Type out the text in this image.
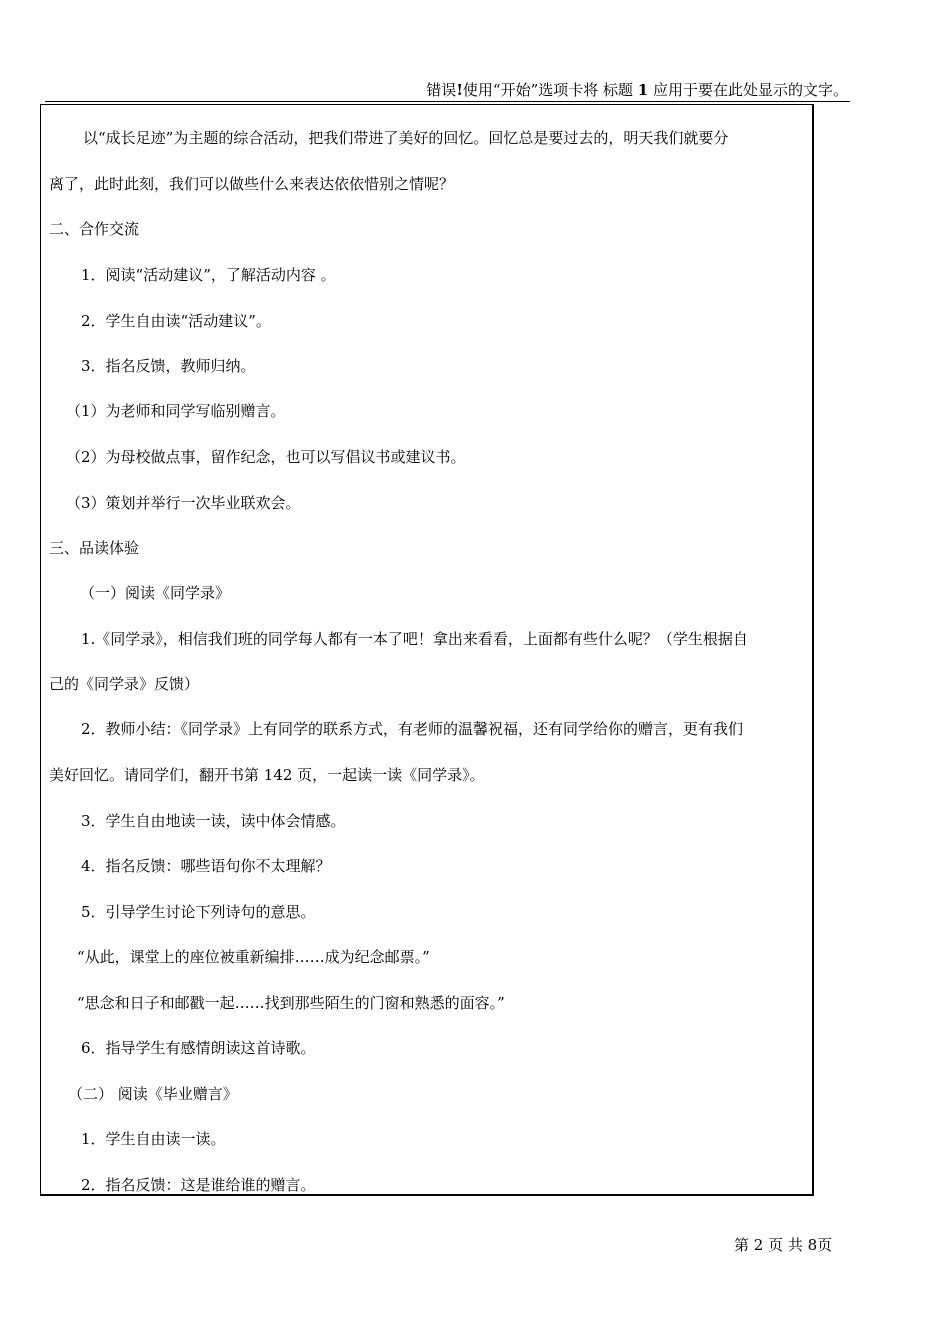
错误!使用“开始”选项卡将 标题 1 应用于要在此处显示的文字。
以“成长足迹”为主题的综合活动，把我们带进了美好的回忆。回忆总是要过去的，明天我们就要分
离了，此时此刻，我们可以做些什么来表达依依惜别之情呢？
二、合作交流
1．阅读“活动建议”，了解活动内容 。
2．学生自由读“活动建议”。
3．指名反馈，教师归纳。
（1）为老师和同学写临别赠言。
（2）为母校做点事，留作纪念，也可以写倡议书或建议书。
（3）策划并举行一次毕业联欢会。
三、品读体验
（一）阅读《同学录》
1.《同学录》，相信我们班的同学每人都有一本了吧！拿出来看看，上面都有些什么呢？（学生根据自
己的《同学录》反馈）
2．教师小结：《同学录》上有同学的联系方式，有老师的温馨祝福，还有同学给你的赠言，更有我们
美好回忆。请同学们，翻开书第 142 页，一起读一读《同学录》。
3．学生自由地读一读，读中体会情感。
4．指名反馈：哪些语句你不太理解？
5．引导学生讨论下列诗句的意思。
“从此，课堂上的座位被重新编排……成为纪念邮票。”
“思念和日子和邮戳一起……找到那些陌生的门窗和熟悉的面容。”
6．指导学生有感情朗读这首诗歌。
（二） 阅读《毕业赠言》
1．学生自由读一读。
2．指名反馈：这是谁给谁的赠言。
第 2 页 共 8页
